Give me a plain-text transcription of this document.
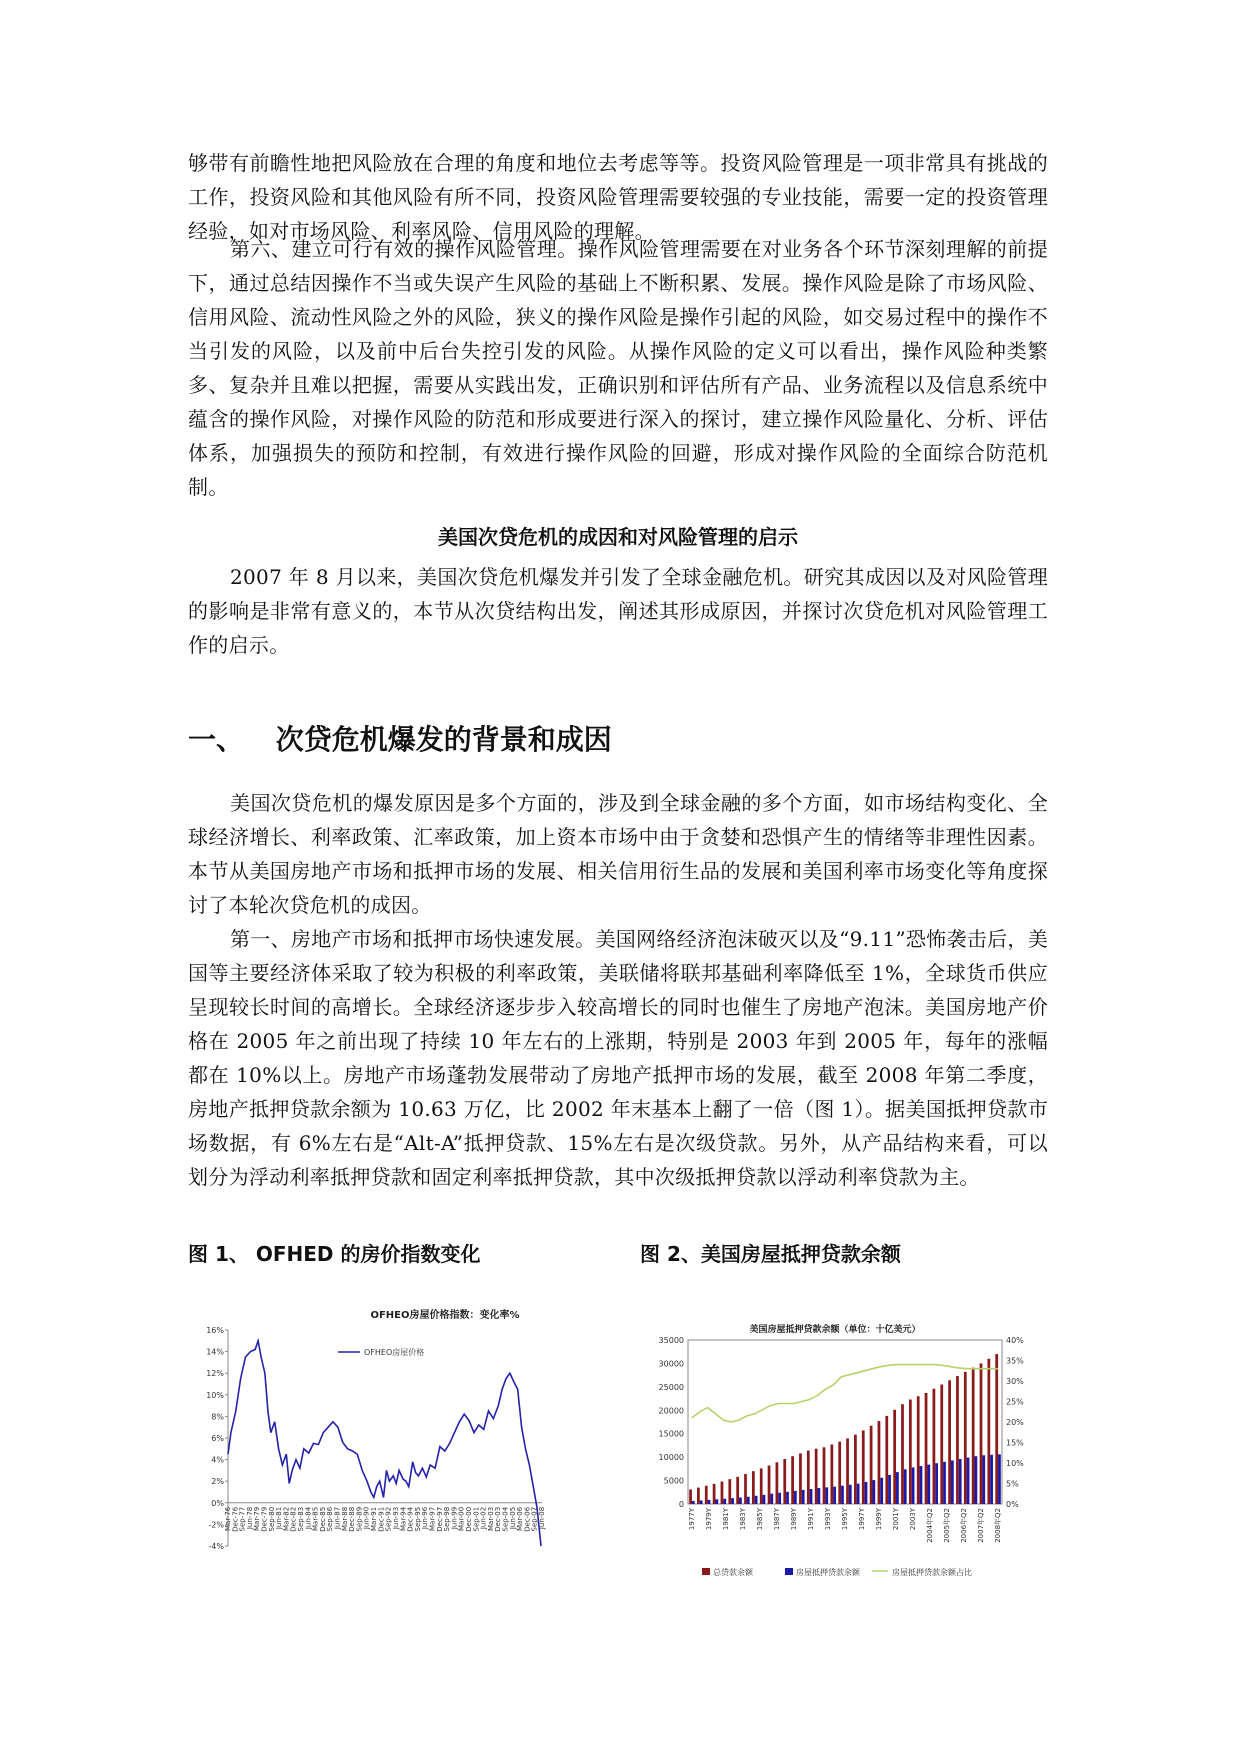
够带有前瞻性地把风险放在合理的角度和地位去考虑等等。投资风险管理是一项非常具有挑战的工作，投资风险和其他风险有所不同，投资风险管理需要较强的专业技能，需要一定的投资管理经验，如对市场风险、利率风险、信用风险的理解。

第六、建立可行有效的操作风险管理。操作风险管理需要在对业务各个环节深刻理解的前提下，通过总结因操作不当或失误产生风险的基础上不断积累、发展。操作风险是除了市场风险、信用风险、流动性风险之外的风险，狭义的操作风险是操作引起的风险，如交易过程中的操作不当引发的风险，以及前中后台失控引发的风险。从操作风险的定义可以看出，操作风险种类繁多、复杂并且难以把握，需要从实践出发，正确识别和评估所有产品、业务流程以及信息系统中蕴含的操作风险，对操作风险的防范和形成要进行深入的探讨，建立操作风险量化、分析、评估体系，加强损失的预防和控制，有效进行操作风险的回避，形成对操作风险的全面综合防范机制。

美国次贷危机的成因和对风险管理的启示

2007 年 8 月以来，美国次贷危机爆发并引发了全球金融危机。研究其成因以及对风险管理的影响是非常有意义的，本节从次贷结构出发，阐述其形成原因，并探讨次贷危机对风险管理工作的启示。

一、 次贷危机爆发的背景和成因

美国次贷危机的爆发原因是多个方面的，涉及到全球金融的多个方面，如市场结构变化、全球经济增长、利率政策、汇率政策，加上资本市场中由于贪婪和恐惧产生的情绪等非理性因素。本节从美国房地产市场和抵押市场的发展、相关信用衍生品的发展和美国利率市场变化等角度探讨了本轮次贷危机的成因。

第一、房地产市场和抵押市场快速发展。美国网络经济泡沫破灭以及“9.11”恐怖袭击后，美国等主要经济体采取了较为积极的利率政策，美联储将联邦基础利率降低至 1%，全球货币供应呈现较长时间的高增长。全球经济逐步步入较高增长的同时也催生了房地产泡沫。美国房地产价格在 2005 年之前出现了持续 10 年左右的上涨期，特别是 2003 年到 2005 年，每年的涨幅都在 10%以上。房地产市场蓬勃发展带动了房地产抵押市场的发展，截至 2008 年第二季度，房地产抵押贷款余额为 10.63 万亿，比 2002 年末基本上翻了一倍（图 1）。据美国抵押贷款市场数据，有 6%左右是“Alt-A”抵押贷款、15%左右是次级贷款。另外，从产品结构来看，可以划分为浮动利率抵押贷款和固定利率抵押贷款，其中次级抵押贷款以浮动利率贷款为主。

图 1、 OFHED 的房价指数变化	图 2、美国房屋抵押贷款余额

OFHEO房屋价格指数：变化率%
16%
14%
12%
10%
8%
6%
4%
2%
0%
-2%
-4%
Mar-76 Dec-76 Sep-77 Jun-78 Mar-79 Dec-79 Sep-80 Jun-81 Mar-82 Dec-82 Sep-83 Jun-84 Mar-85 Dec-85 Sep-86 Jun-87 Mar-88 Dec-88 Sep-89 Jun-90 Mar-91 Dec-91 Sep-92 Jun-93 Mar-94 Dec-94 Sep-95 Jun-96 Mar-97 Dec-97 Sep-98 Jun-99 Mar-00 Dec-00 Sep-01 Jun-02 Mar-03 Dec-03 Sep-04 Jun-05 Mar-06 Dec-06 Sep-07 Jun-08
OFHEO房屋价格
美国房屋抵押贷款余额（单位：十亿美元）
35000
30000
25000
20000
15000
10000
5000
0
40%
35%
30%
25%
20%
15%
10%
5%
0%
1977Y 1979Y 1981Y 1983Y 1985Y 1987Y 1989Y 1991Y 1993Y 1995Y 1997Y 1999Y 2001Y 2003Y 2004年Q2 2005年Q2 2006年Q2 2007年Q2 2008年Q2
总贷款余额	房屋抵押贷款余额	房屋抵押贷款余额占比
